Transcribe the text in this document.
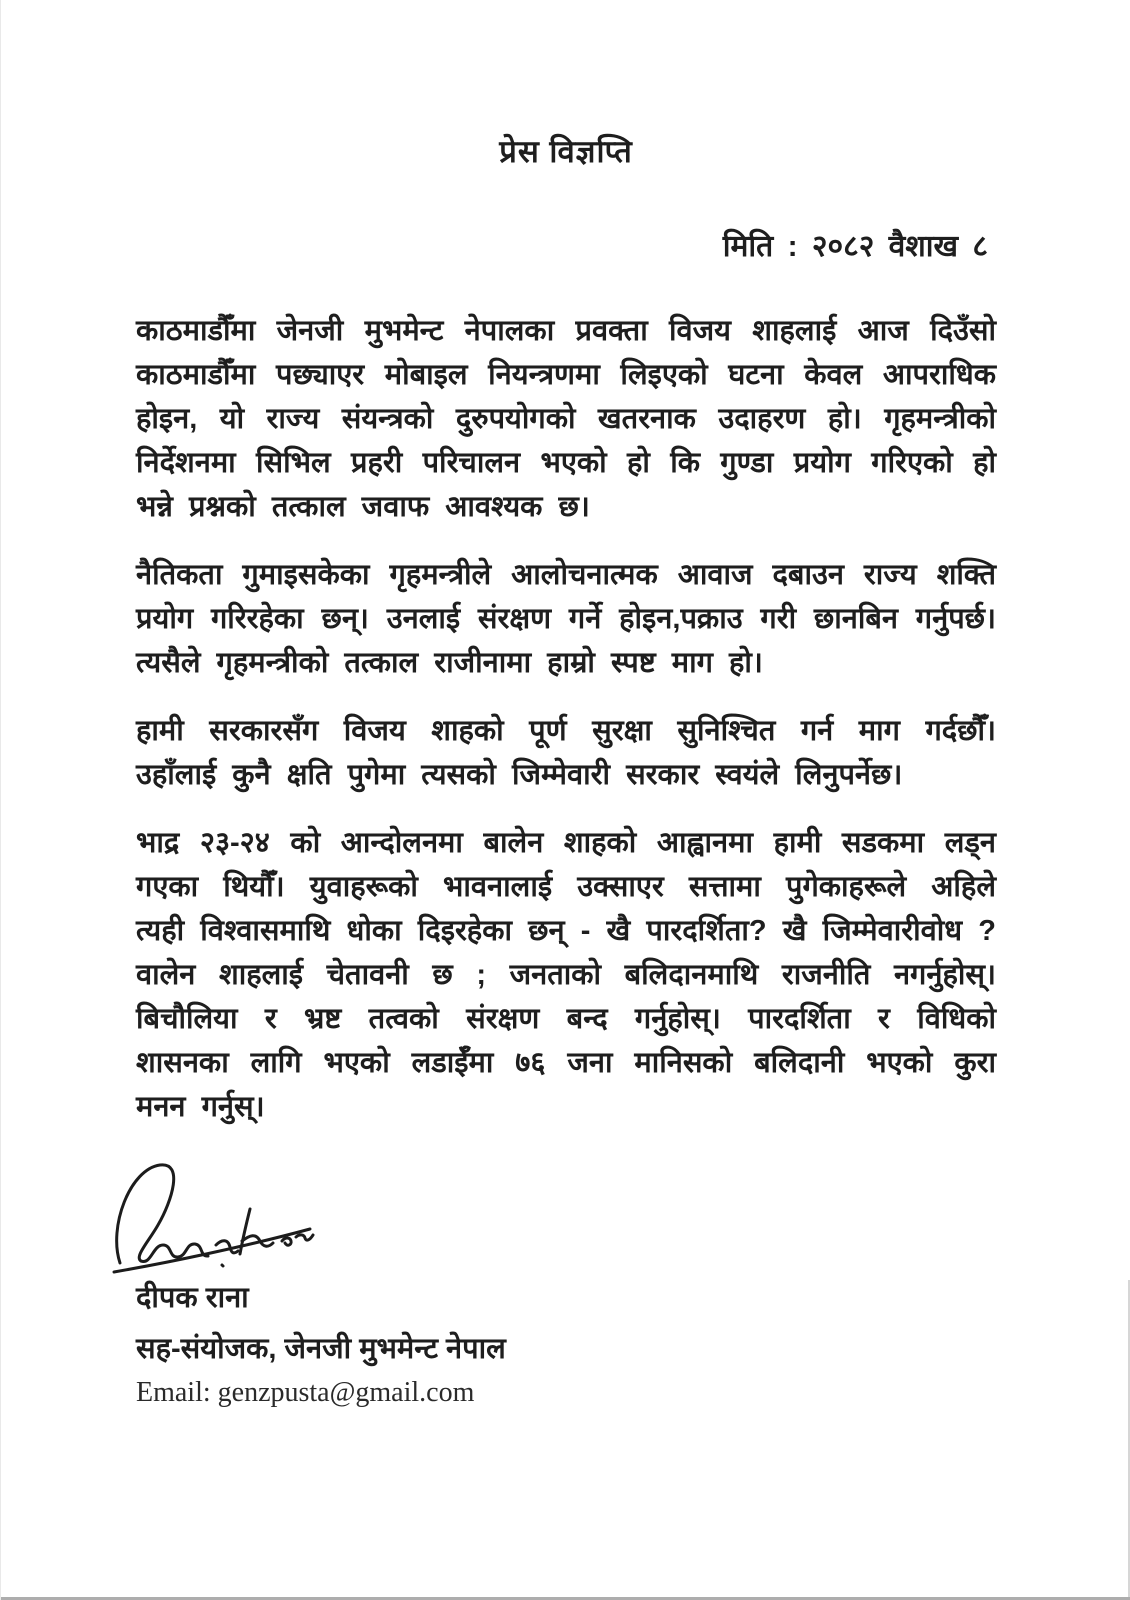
प्रेस विज्ञप्ति
मिति : २०८२ वैशाख ८

काठमाडौँमा जेनजी मुभमेन्ट नेपालका प्रवक्ता विजय शाहलाई आज दिउँसो काठमाडौँमा पछ्याएर मोबाइल नियन्त्रणमा लिइएको घटना केवल आपराधिक होइन, यो राज्य संयन्त्रको दुरुपयोगको खतरनाक उदाहरण हो। गृहमन्त्रीको निर्देशनमा सिभिल प्रहरी परिचालन भएको हो कि गुण्डा प्रयोग गरिएको हो भन्ने प्रश्नको तत्काल जवाफ आवश्यक छ।

नैतिकता गुमाइसकेका गृहमन्त्रीले आलोचनात्मक आवाज दबाउन राज्य शक्ति प्रयोग गरिरहेका छन्। उनलाई संरक्षण गर्ने होइन,पक्राउ गरी छानबिन गर्नुपर्छ। त्यसैले गृहमन्त्रीको तत्काल राजीनामा हाम्रो स्पष्ट माग हो।

हामी सरकारसँग विजय शाहको पूर्ण सुरक्षा सुनिश्चित गर्न माग गर्दछौँ। उहाँलाई कुनै क्षति पुगेमा त्यसको जिम्मेवारी सरकार स्वयंले लिनुपर्नेछ।

भाद्र २३-२४ को आन्दोलनमा बालेन शाहको आह्वानमा हामी सडकमा लड्न गएका थियौँ। युवाहरूको भावनालाई उक्साएर सत्तामा पुगेकाहरूले अहिले त्यही विश्वासमाथि धोका दिइरहेका छन् - खै पारदर्शिता? खै जिम्मेवारीवोध ? वालेन शाहलाई चेतावनी छ ; जनताको बलिदानमाथि राजनीति नगर्नुहोस्। बिचौलिया र भ्रष्ट तत्वको संरक्षण बन्द गर्नुहोस्। पारदर्शिता र विधिको शासनका लागि भएको लडाईँमा ७६ जना मानिसको बलिदानी भएको कुरा मनन गर्नुस्।

दीपक राना
सह-संयोजक, जेनजी मुभमेन्ट नेपाल
Email: genzpusta@gmail.com
